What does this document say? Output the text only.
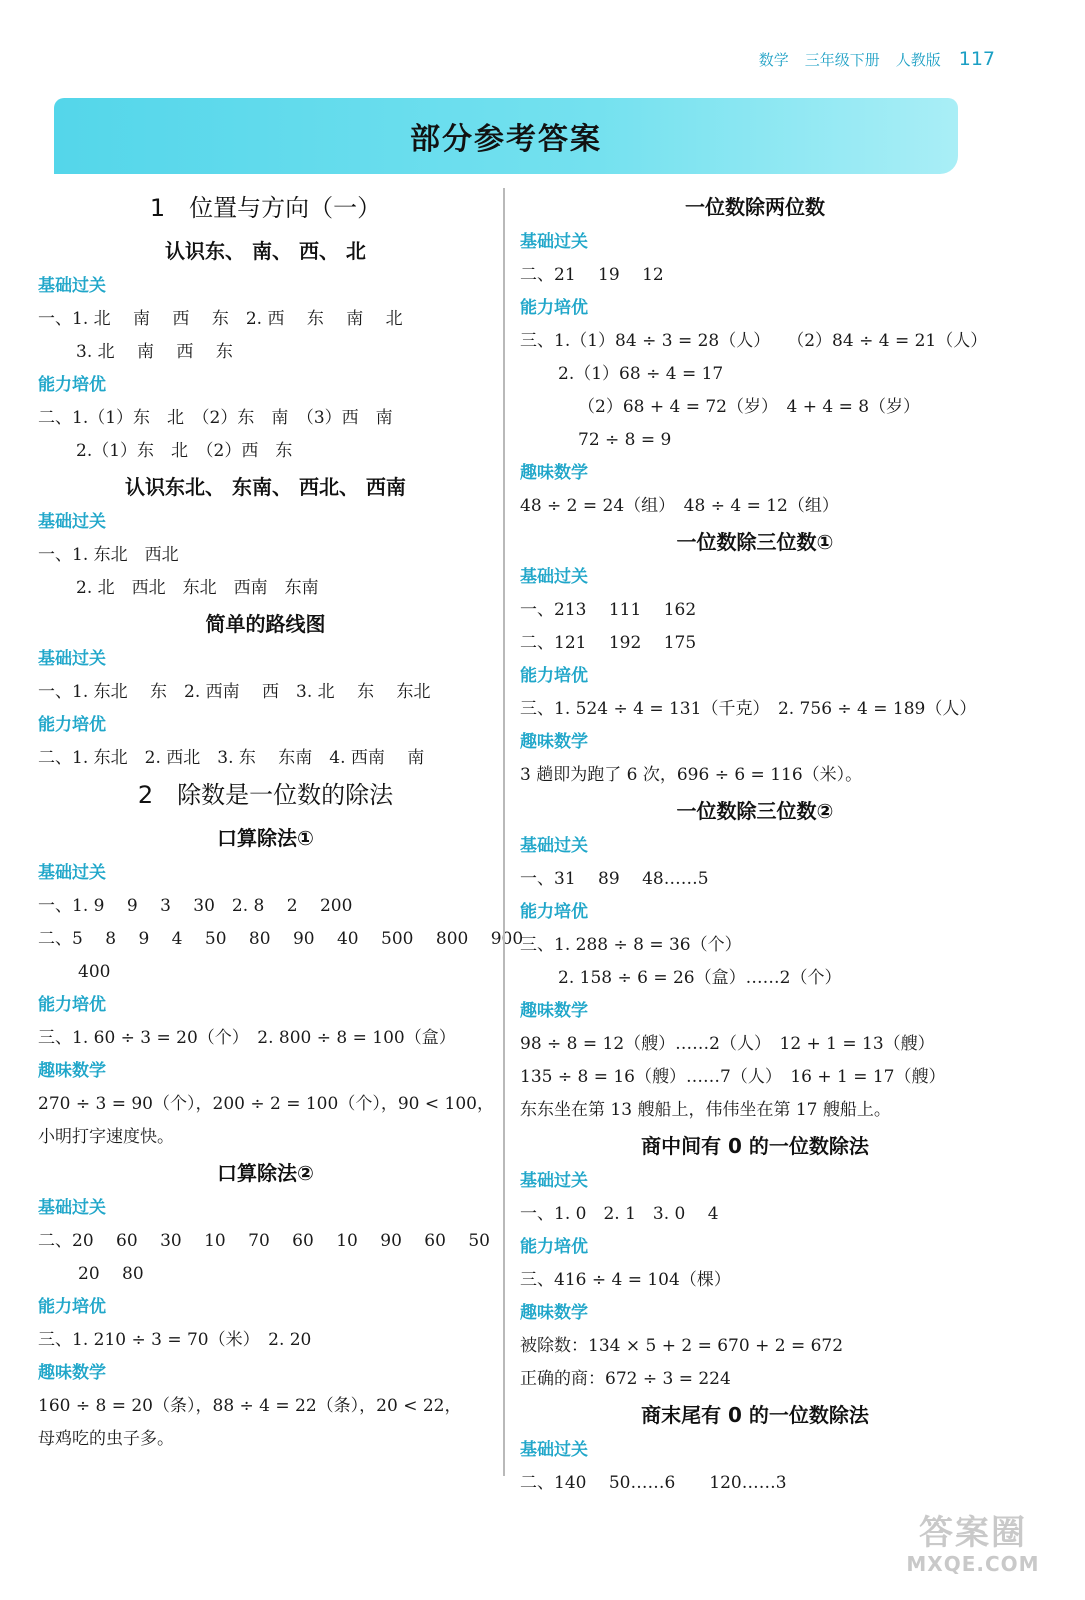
数学 三年级下册 人教版 117
部分参考答案
1　位置与方向（一）
认识东、 南、 西、 北
基础过关
一、1. 北　 南　 西　 东　2. 西　 东　 南　 北
3. 北　 南　 西　 东
能力培优
二、1.（1）东　北　（2）东　南　（3）西　南
2.（1）东　北　（2）西　东
认识东北、 东南、 西北、 西南
基础过关
一、1. 东北　西北
2. 北　西北　东北　西南　东南
简单的路线图
基础过关
一、1. 东北　 东　2. 西南　 西　3. 北　 东　 东北
能力培优
二、1. 东北　2. 西北　3. 东　 东南　4. 西南　 南
2　除数是一位数的除法
口算除法①
基础过关
一、1. 9　 9　 3　 30　2. 8　 2　 200
二、5　 8　 9　 4　 50　 80　 90　 40　 500　 800　 900
400
能力培优
三、1. 60 ÷ 3 = 20（个）　2. 800 ÷ 8 = 100（盒）
趣味数学
270 ÷ 3 = 90（个），200 ÷ 2 = 100（个），90 < 100，
小明打字速度快。
口算除法②
基础过关
二、20　 60　 30　 10　 70　 60　 10　 90　 60　 50
20　 80
能力培优
三、1. 210 ÷ 3 = 70（米）　2. 20
趣味数学
160 ÷ 8 = 20（条），88 ÷ 4 = 22（条），20 < 22，
母鸡吃的虫子多。
一位数除两位数
基础过关
二、21　 19　 12
能力培优
三、1.（1）84 ÷ 3 = 28（人）　　（2）84 ÷ 4 = 21（人）
2.（1）68 ÷ 4 = 17
（2）68 + 4 = 72（岁）　4 + 4 = 8（岁）
72 ÷ 8 = 9
趣味数学
48 ÷ 2 = 24（组）　48 ÷ 4 = 12（组）
一位数除三位数①
基础过关
一、213　 111　 162
二、121　 192　 175
能力培优
三、1. 524 ÷ 4 = 131（千克）　2. 756 ÷ 4 = 189（人）
趣味数学
3 趟即为跑了 6 次，696 ÷ 6 = 116（米）。
一位数除三位数②
基础过关
一、31　 89　 48……5
能力培优
三、1. 288 ÷ 8 = 36（个）
2. 158 ÷ 6 = 26（盒）……2（个）
趣味数学
98 ÷ 8 = 12（艘）……2（人）　12 + 1 = 13（艘）
135 ÷ 8 = 16（艘）……7（人）　16 + 1 = 17（艘）
东东坐在第 13 艘船上，伟伟坐在第 17 艘船上。
商中间有 0 的一位数除法
基础过关
一、1. 0　2. 1　3. 0　 4
能力培优
三、416 ÷ 4 = 104（棵）
趣味数学
被除数：134 × 5 + 2 = 670 + 2 = 672
正确的商：672 ÷ 3 = 224
商末尾有 0 的一位数除法
基础过关
二、140　 50……6　　120……3
答案圈
MXQE.COM
